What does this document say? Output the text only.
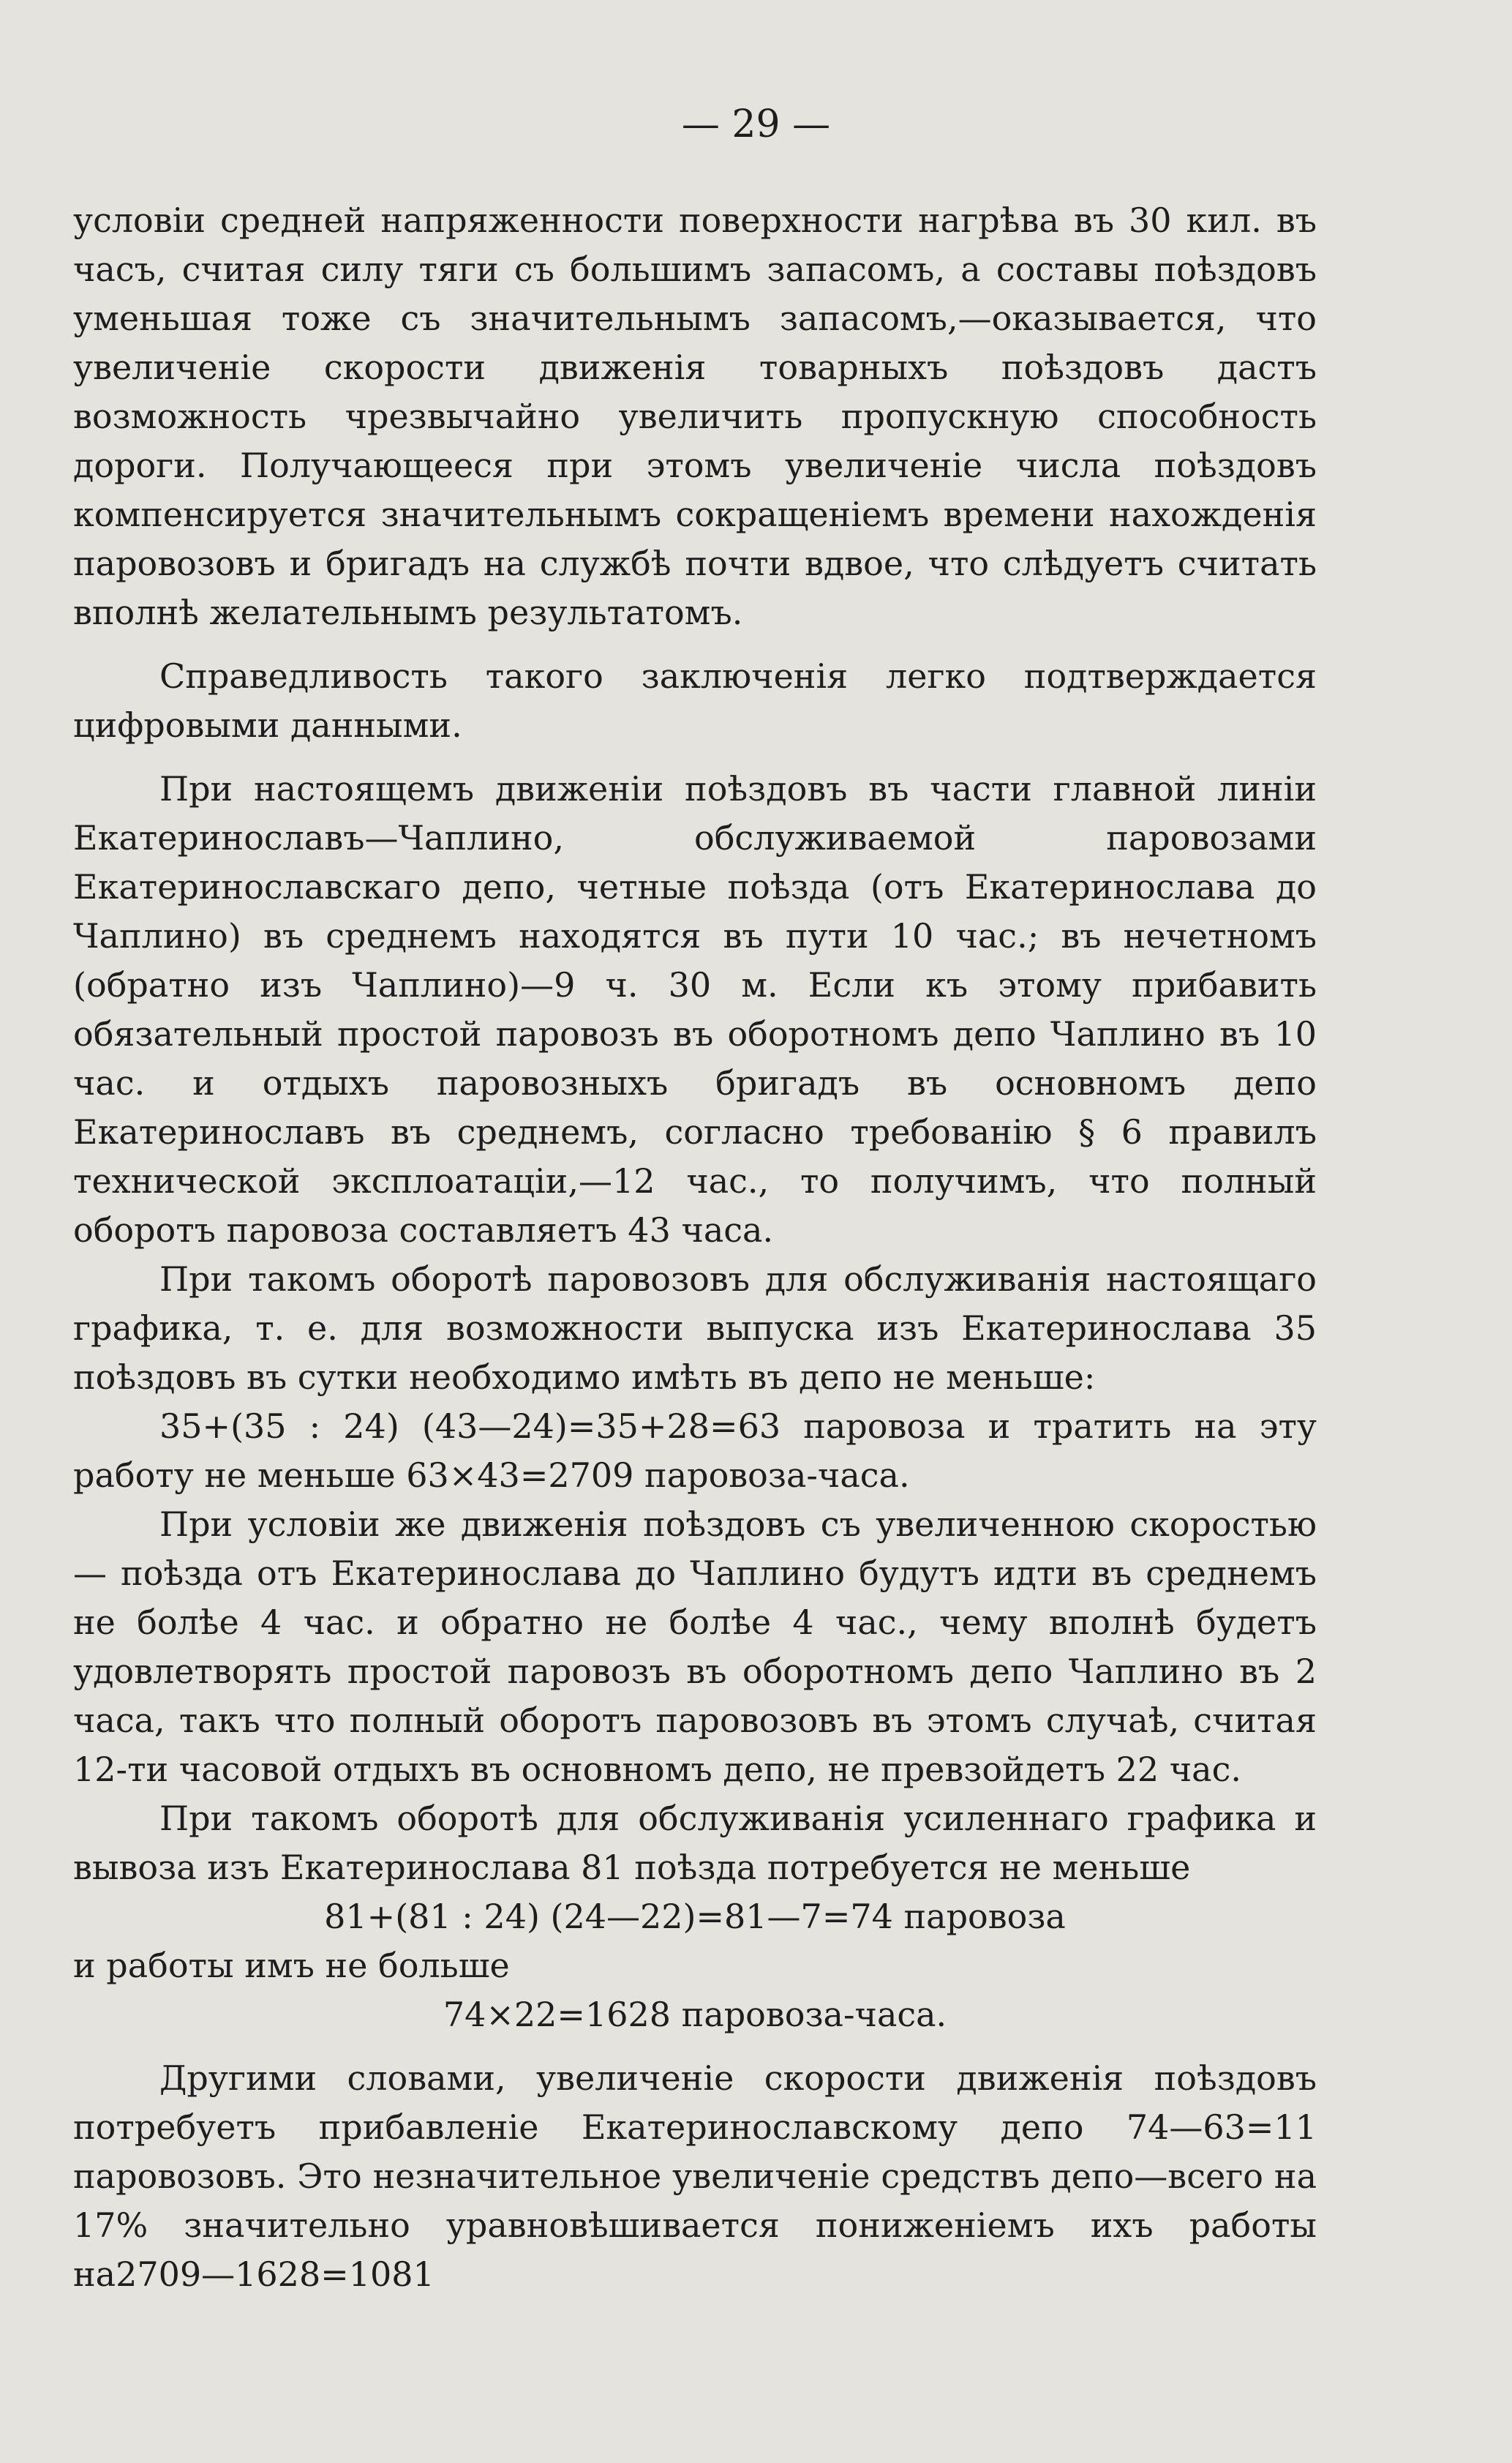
— 29 —

условіи средней напряженности поверхности нагрѣва въ 30 кил. въ часъ, считая силу тяги съ большимъ запасомъ, а составы поѣздовъ уменьшая тоже съ значительнымъ запасомъ,—оказывается, что увеличеніе скорости движенія товарныхъ поѣздовъ дастъ возможность чрезвычайно увеличить пропускную способность дороги. Получающееся при этомъ увеличеніе числа поѣздовъ компенсируется значительнымъ сокращеніемъ времени нахожденія паровозовъ и бригадъ на службѣ почти вдвое, что слѣдуетъ считать вполнѣ желательнымъ результатомъ.

Справедливость такого заключенія легко подтверждается цифровыми данными.

При настоящемъ движеніи поѣздовъ въ части главной линіи Екатеринославъ—Чаплино, обслуживаемой паровозами Екатеринославскаго депо, четные поѣзда (отъ Екатеринослава до Чаплино) въ среднемъ находятся въ пути 10 час.; въ нечетномъ (обратно изъ Чаплино)—9 ч. 30 м. Если къ этому прибавить обязательный простой паровозъ въ оборотномъ депо Чаплино въ 10 час. и отдыхъ паровозныхъ бригадъ въ основномъ депо Екатеринославъ въ среднемъ, согласно требованію § 6 правилъ технической эксплоатаціи,—12 час., то получимъ, что полный оборотъ паровоза составляетъ 43 часа.

При такомъ оборотѣ паровозовъ для обслуживанія настоящаго графика, т. е. для возможности выпуска изъ Екатеринослава 35 поѣздовъ въ сутки необходимо имѣть въ депо не меньше:

35+(35 : 24) (43—24)=35+28=63 паровоза и тратить на эту работу не меньше 63×43=2709 паровоза-часа.

При условіи же движенія поѣздовъ съ увеличенною скоростью — поѣзда отъ Екатеринослава до Чаплино будутъ идти въ среднемъ не болѣе 4 час. и обратно не болѣе 4 час., чему вполнѣ будетъ удовлетворять простой паровозъ въ оборотномъ депо Чаплино въ 2 часа, такъ что полный оборотъ паровозовъ въ этомъ случаѣ, считая 12-ти часовой отдыхъ въ основномъ депо, не превзойдетъ 22 час.

При такомъ оборотѣ для обслуживанія усиленнаго графика и вывоза изъ Екатеринослава 81 поѣзда потребуется не меньше

81+(81 : 24) (24—22)=81—7=74 паровоза

и работы имъ не больше

74×22=1628 паровоза-часа.

Другими словами, увеличеніе скорости движенія поѣздовъ потребуетъ прибавленіе Екатеринославскому депо 74—63=11 паровозовъ. Это незначительное увеличеніе средствъ депо—всего на 17% значительно уравновѣшивается пониженіемъ ихъ работы на2709—1628=1081
